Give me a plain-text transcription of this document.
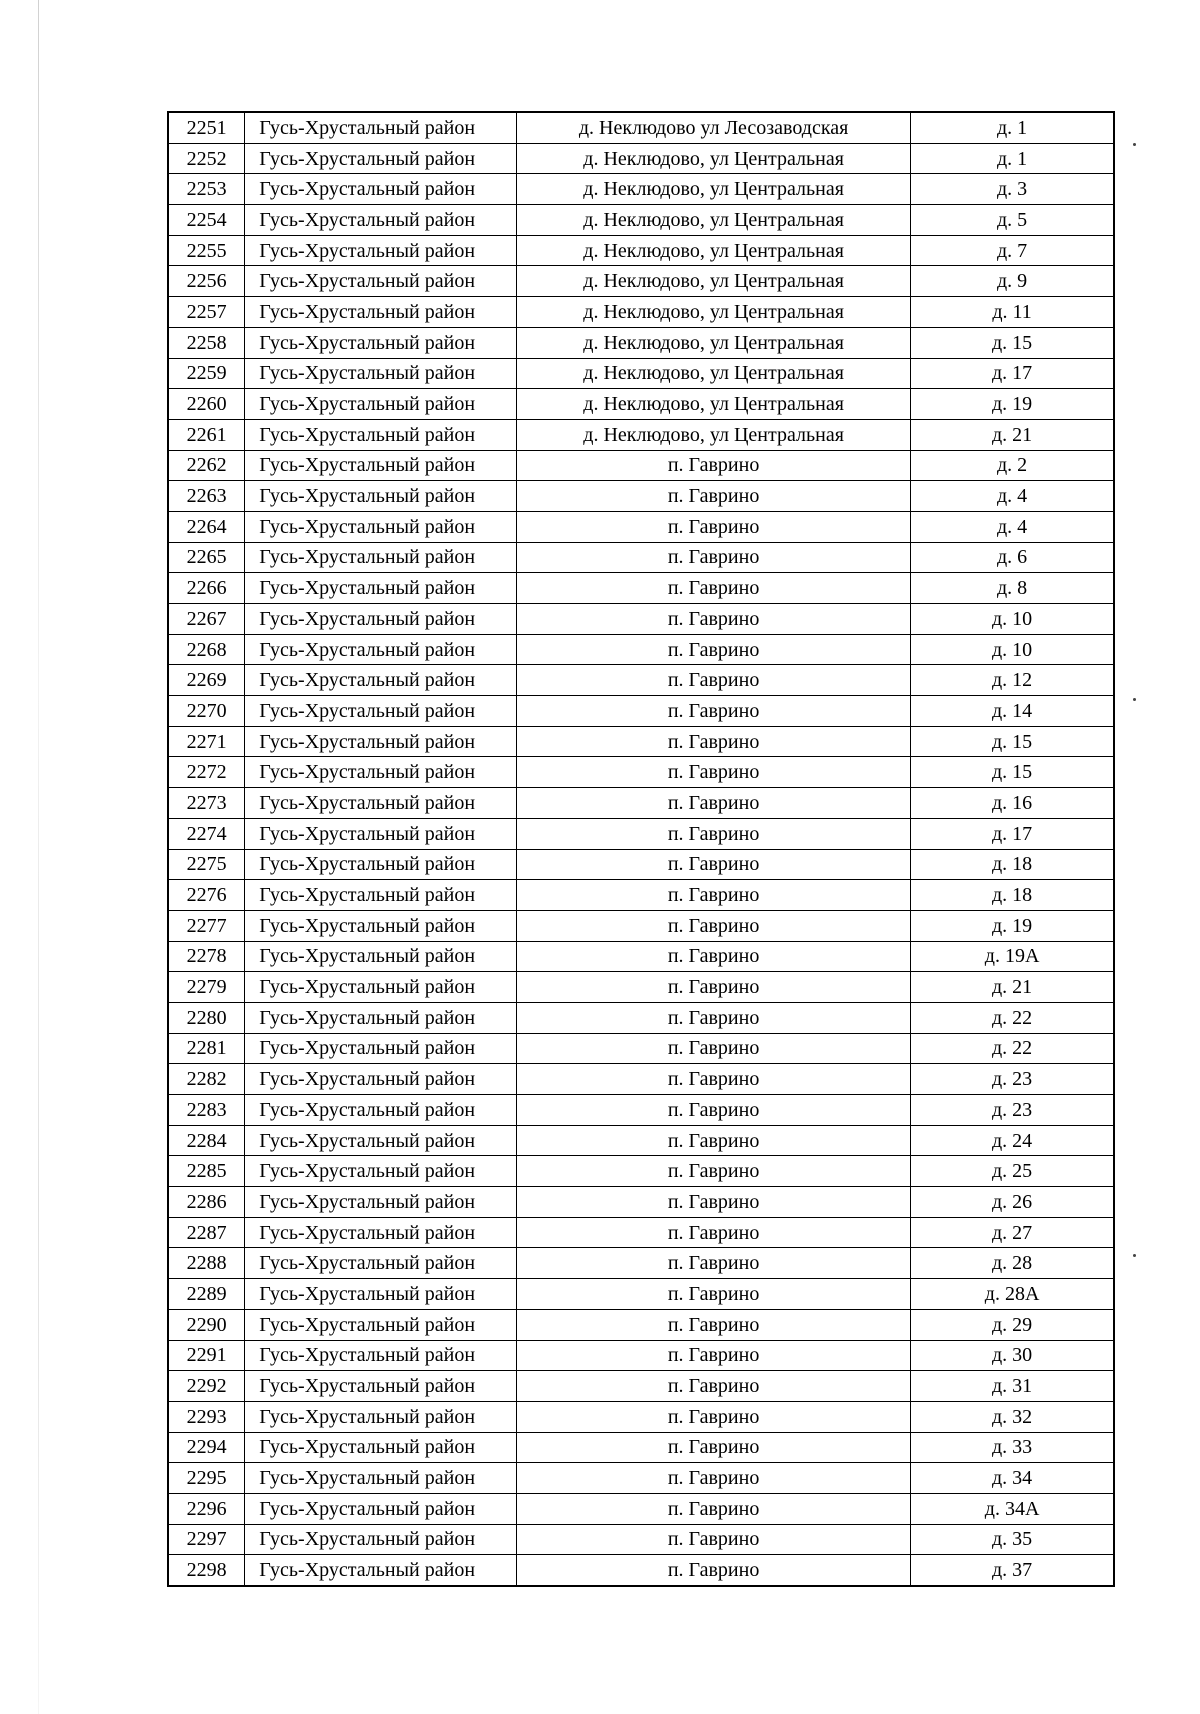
2251	Гусь-Хрустальный район	д. Неклюдово ул Лесозаводская	д. 1
2252	Гусь-Хрустальный район	д. Неклюдово, ул Центральная	д. 1
2253	Гусь-Хрустальный район	д. Неклюдово, ул Центральная	д. 3
2254	Гусь-Хрустальный район	д. Неклюдово, ул Центральная	д. 5
2255	Гусь-Хрустальный район	д. Неклюдово, ул Центральная	д. 7
2256	Гусь-Хрустальный район	д. Неклюдово, ул Центральная	д. 9
2257	Гусь-Хрустальный район	д. Неклюдово, ул Центральная	д. 11
2258	Гусь-Хрустальный район	д. Неклюдово, ул Центральная	д. 15
2259	Гусь-Хрустальный район	д. Неклюдово, ул Центральная	д. 17
2260	Гусь-Хрустальный район	д. Неклюдово, ул Центральная	д. 19
2261	Гусь-Хрустальный район	д. Неклюдово, ул Центральная	д. 21
2262	Гусь-Хрустальный район	п. Гаврино	д. 2
2263	Гусь-Хрустальный район	п. Гаврино	д. 4
2264	Гусь-Хрустальный район	п. Гаврино	д. 4
2265	Гусь-Хрустальный район	п. Гаврино	д. 6
2266	Гусь-Хрустальный район	п. Гаврино	д. 8
2267	Гусь-Хрустальный район	п. Гаврино	д. 10
2268	Гусь-Хрустальный район	п. Гаврино	д. 10
2269	Гусь-Хрустальный район	п. Гаврино	д. 12
2270	Гусь-Хрустальный район	п. Гаврино	д. 14
2271	Гусь-Хрустальный район	п. Гаврино	д. 15
2272	Гусь-Хрустальный район	п. Гаврино	д. 15
2273	Гусь-Хрустальный район	п. Гаврино	д. 16
2274	Гусь-Хрустальный район	п. Гаврино	д. 17
2275	Гусь-Хрустальный район	п. Гаврино	д. 18
2276	Гусь-Хрустальный район	п. Гаврино	д. 18
2277	Гусь-Хрустальный район	п. Гаврино	д. 19
2278	Гусь-Хрустальный район	п. Гаврино	д. 19А
2279	Гусь-Хрустальный район	п. Гаврино	д. 21
2280	Гусь-Хрустальный район	п. Гаврино	д. 22
2281	Гусь-Хрустальный район	п. Гаврино	д. 22
2282	Гусь-Хрустальный район	п. Гаврино	д. 23
2283	Гусь-Хрустальный район	п. Гаврино	д. 23
2284	Гусь-Хрустальный район	п. Гаврино	д. 24
2285	Гусь-Хрустальный район	п. Гаврино	д. 25
2286	Гусь-Хрустальный район	п. Гаврино	д. 26
2287	Гусь-Хрустальный район	п. Гаврино	д. 27
2288	Гусь-Хрустальный район	п. Гаврино	д. 28
2289	Гусь-Хрустальный район	п. Гаврино	д. 28А
2290	Гусь-Хрустальный район	п. Гаврино	д. 29
2291	Гусь-Хрустальный район	п. Гаврино	д. 30
2292	Гусь-Хрустальный район	п. Гаврино	д. 31
2293	Гусь-Хрустальный район	п. Гаврино	д. 32
2294	Гусь-Хрустальный район	п. Гаврино	д. 33
2295	Гусь-Хрустальный район	п. Гаврино	д. 34
2296	Гусь-Хрустальный район	п. Гаврино	д. 34А
2297	Гусь-Хрустальный район	п. Гаврино	д. 35
2298	Гусь-Хрустальный район	п. Гаврино	д. 37
